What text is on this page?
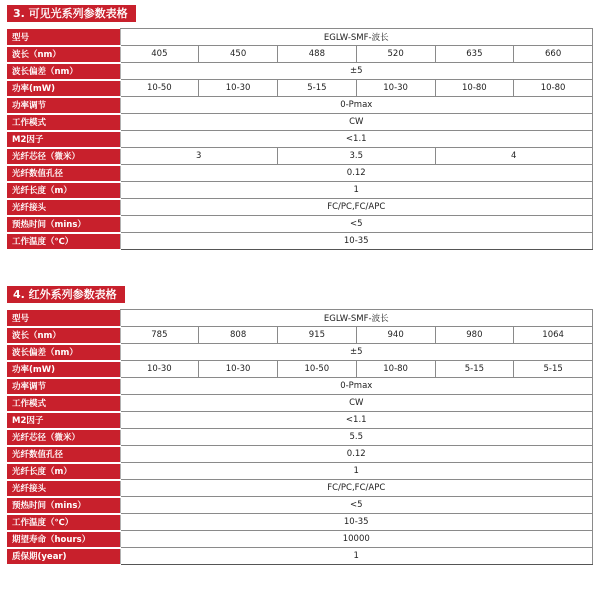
3. 可见光系列参数表格
型号	EGLW-SMF-波长					
波长（nm）	405	450	488	520	635	660
波长偏差（nm）	±5					
功率(mW)	10-50	10-30	5-15	10-30	10-80	10-80
功率调节	0-Pmax					
工作模式	CW					
M2因子	<1.1					
光纤芯径（微米）	3		3.5		4	
光纤数值孔径	0.12					
光纤长度（m）	1					
光纤接头	FC/PC,FC/APC					
预热时间（mins）	<5					
工作温度（℃）	10-35					
4. 红外系列参数表格
型号	EGLW-SMF-波长					
波长（nm）	785	808	915	940	980	1064
波长偏差（nm）	±5					
功率(mW)	10-30	10-30	10-50	10-80	5-15	5-15
功率调节	0-Pmax					
工作模式	CW					
M2因子	<1.1					
光纤芯径（微米）	5.5					
光纤数值孔径	0.12					
光纤长度（m）	1					
光纤接头	FC/PC,FC/APC					
预热时间（mins）	<5					
工作温度（℃）	10-35					
期望寿命（hours）	10000					
质保期(year)	1					
